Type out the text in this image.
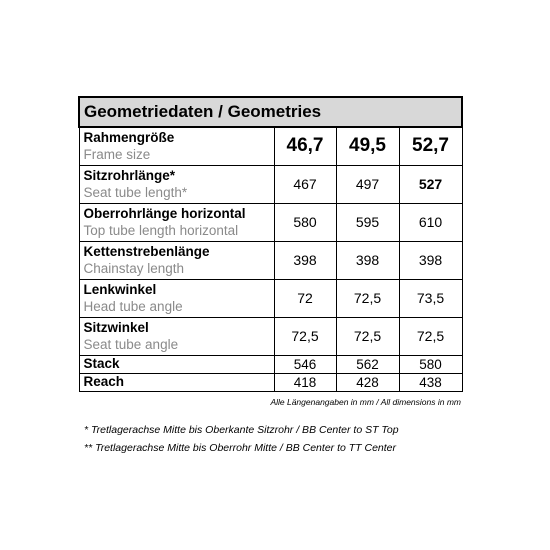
Geometriedaten / Geometries			

Rahmengröße
Frame size	46,7	49,5	52,7

Sitzrohrlänge*
Seat tube length*	467	497	527

Oberrohrlänge horizontal
Top tube length horizontal	580	595	610

Kettenstrebenlänge
Chainstay length	398	398	398

Lenkwinkel
Head tube angle	72	72,5	73,5

Sitzwinkel
Seat tube angle	72,5	72,5	72,5

Stack	546	562	580

Reach	418	428	438
Alle Längenangaben in mm / All dimensions in mm
* Tretlagerachse Mitte bis Oberkante Sitzrohr / BB Center to ST Top
** Tretlagerachse Mitte bis Oberrohr Mitte / BB Center to TT Center
